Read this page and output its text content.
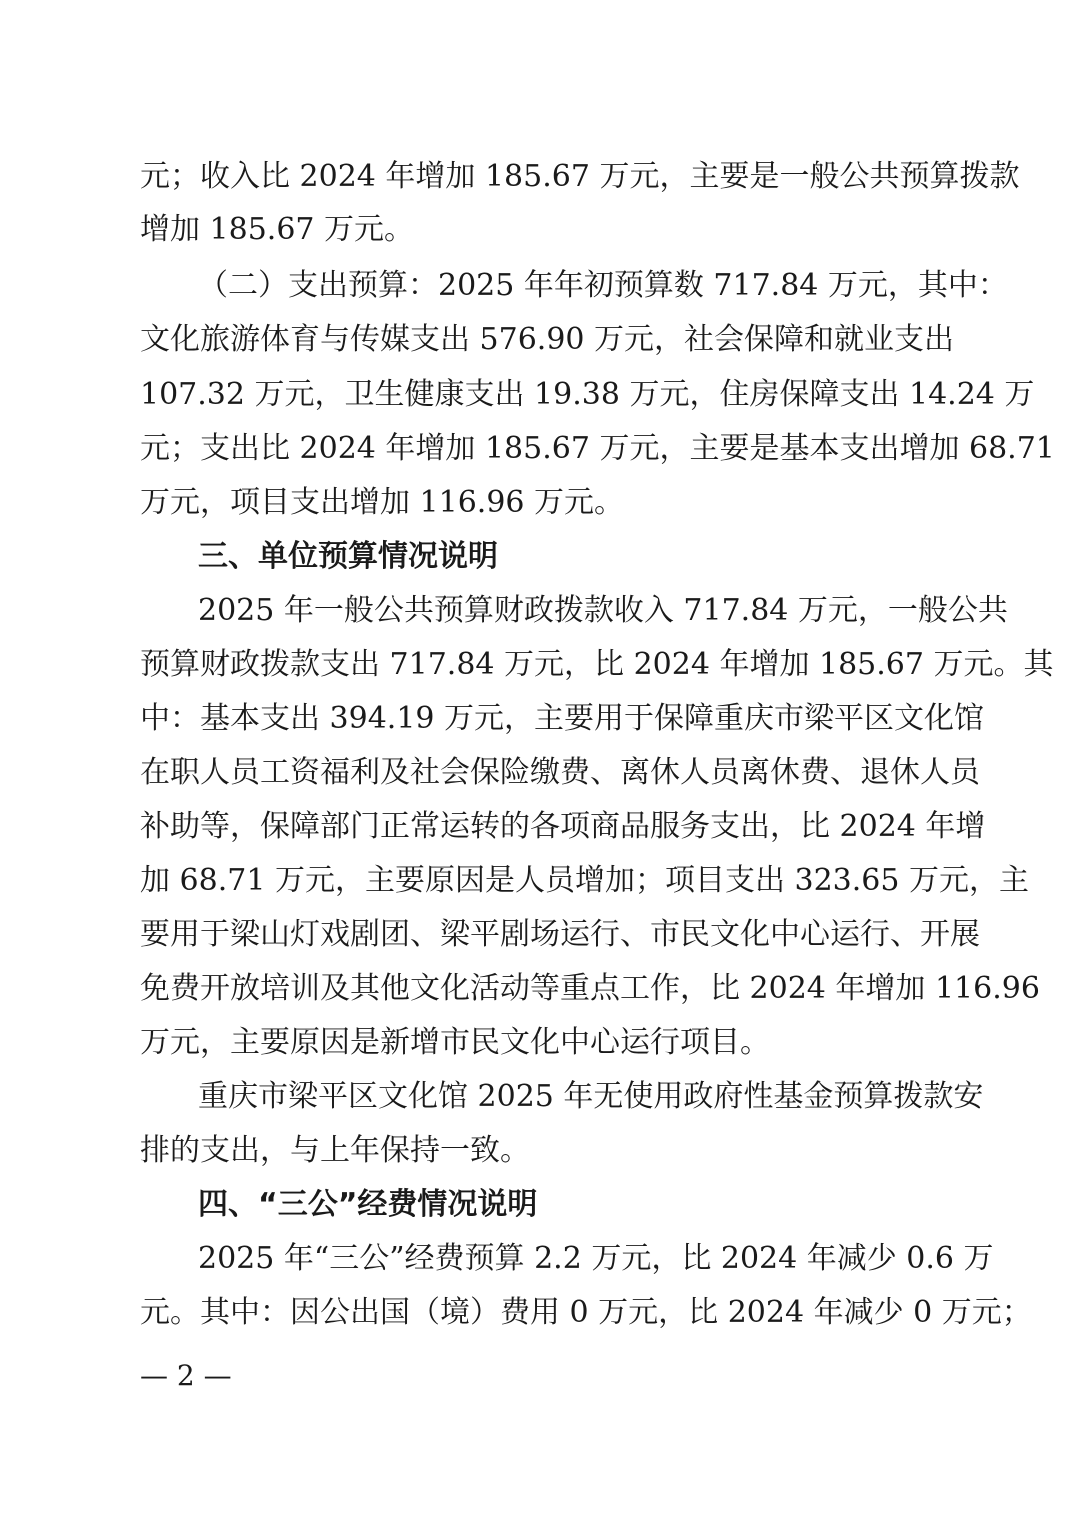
元；收入比 2024 年增加 185.67 万元，主要是一般公共预算拨款
增加 185.67 万元。
（二）支出预算：2025 年年初预算数 717.84 万元，其中：
文化旅游体育与传媒支出 576.90 万元，社会保障和就业支出
107.32 万元，卫生健康支出 19.38 万元，住房保障支出 14.24 万
元；支出比 2024 年增加 185.67 万元，主要是基本支出增加 68.71
万元，项目支出增加 116.96 万元。
三、单位预算情况说明
2025 年一般公共预算财政拨款收入 717.84 万元，一般公共
预算财政拨款支出 717.84 万元，比 2024 年增加 185.67 万元。其
中：基本支出 394.19 万元，主要用于保障重庆市梁平区文化馆
在职人员工资福利及社会保险缴费、离休人员离休费、退休人员
补助等，保障部门正常运转的各项商品服务支出，比 2024 年增
加 68.71 万元，主要原因是人员增加；项目支出 323.65 万元，主
要用于梁山灯戏剧团、梁平剧场运行、市民文化中心运行、开展
免费开放培训及其他文化活动等重点工作，比 2024 年增加 116.96
万元，主要原因是新增市民文化中心运行项目。
重庆市梁平区文化馆 2025 年无使用政府性基金预算拨款安
排的支出，与上年保持一致。
四、“三公”经费情况说明
2025 年“三公”经费预算 2.2 万元，比 2024 年减少 0.6 万
元。其中：因公出国（境）费用 0 万元，比 2024 年减少 0 万元；
— 2 —
